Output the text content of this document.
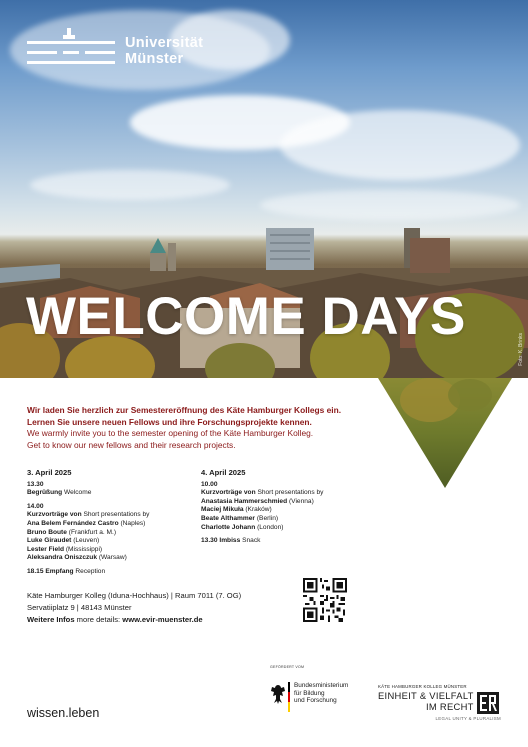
Universität
Münster
WELCOME DAYS
Foto: K. Brinks
Wir laden Sie herzlich zur Semestereröffnung des Käte Hamburger Kollegs ein.
Lernen Sie unsere neuen Fellows und ihre Forschungsprojekte kennen.
We warmly invite you to the semester opening of the Käte Hamburger Kolleg.
Get to know our new fellows and their research projects.
3. April 2025
13.30
Begrüßung Welcome
14.00
Kurzvorträge von Short presentations by
Ana Belem Fernández Castro (Naples)
Bruno Boute (Frankfurt a. M.)
Luke Giraudet (Leuven)
Lester Field (Mississippi)
Aleksandra Oniszczuk (Warsaw)
18.15 Empfang Reception
4. April 2025
10.00
Kurzvorträge von Short presentations by
Anastasia Hammerschmied (Vienna)
Maciej Mikuła (Kraków)
Beate Althammer (Berlin)
Charlotte Johann (London)
13.30 Imbiss Snack
Käte Hamburger Kolleg (Iduna-Hochhaus) | Raum 7011 (7. OG)
Servatiiplatz 9 | 48143 Münster
Weitere Infos more details: www.evir-muenster.de
wissen.leben
GEFÖRDERT VOM
Bundesministerium
für Bildung
und Forschung
KÄTE HAMBURGER KOLLEG MÜNSTER
EINHEIT & VIELFALT
IM RECHT
LEGAL UNITY & PLURALISM
